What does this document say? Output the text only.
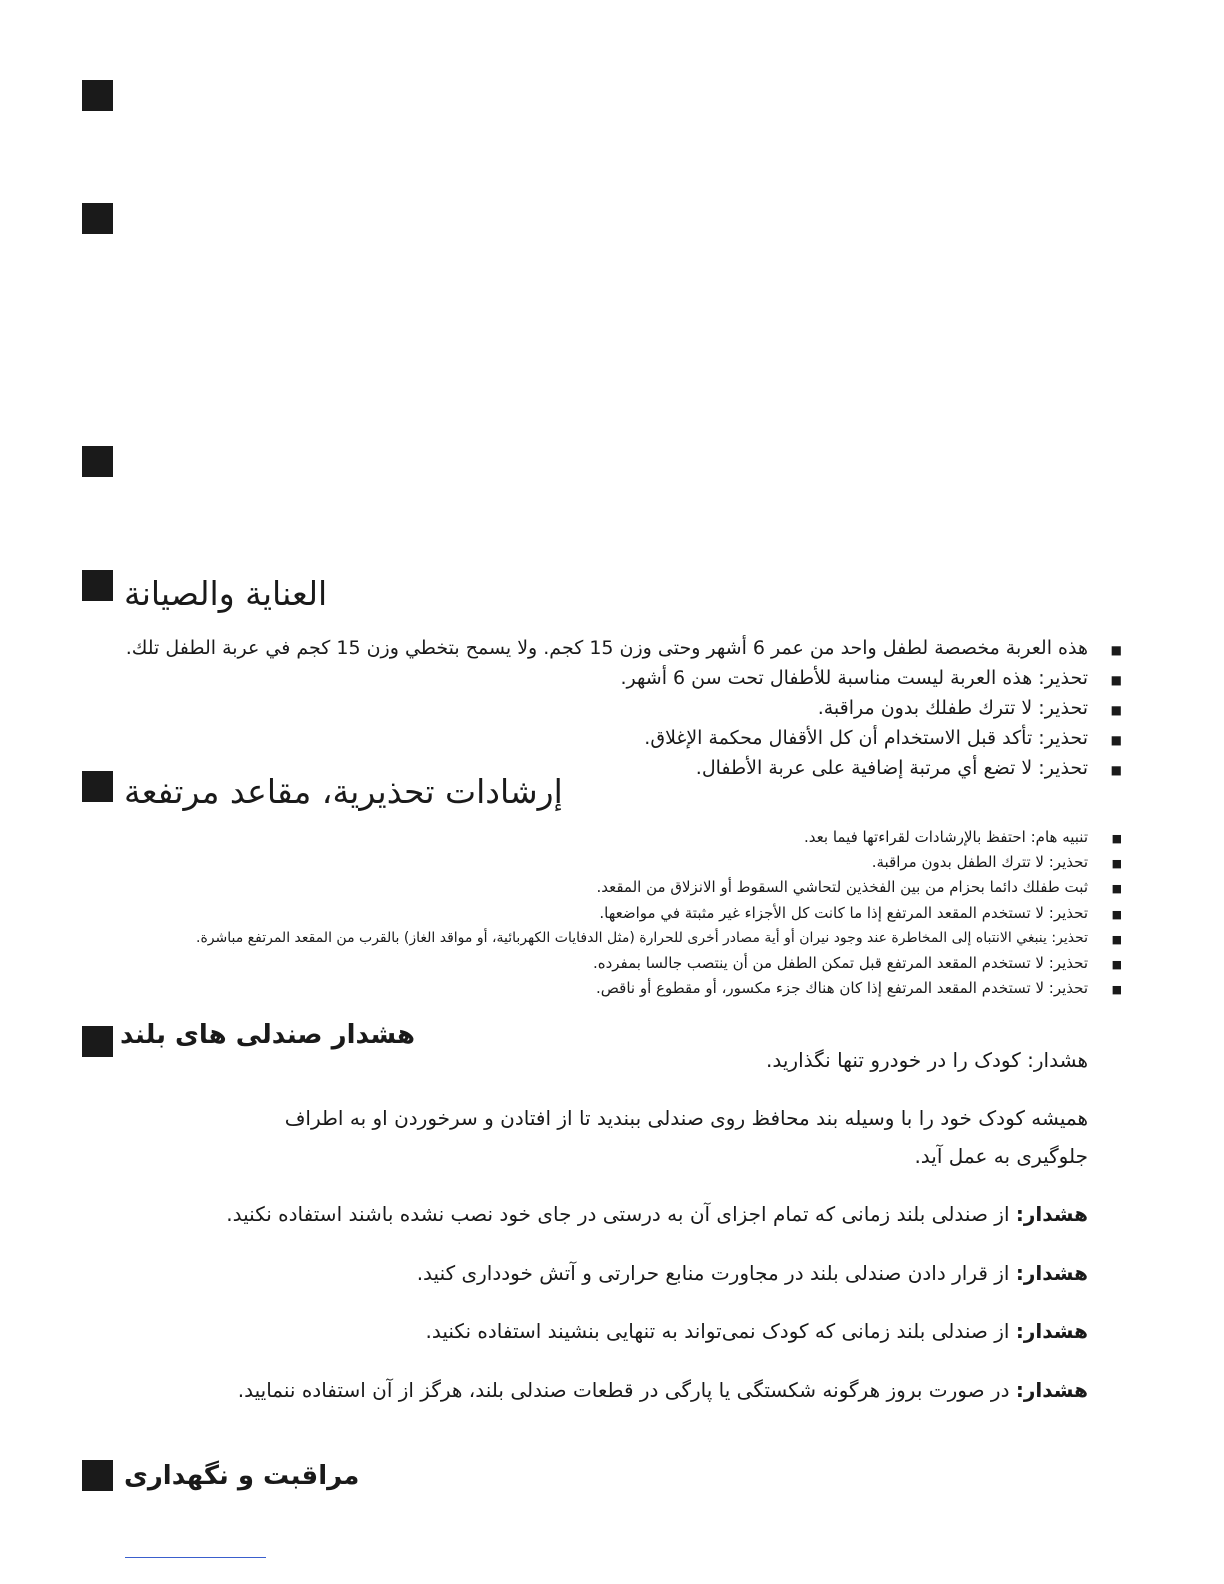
العناية والصيانة
■
هذه العربة مخصصة لطفل واحد من عمر 6 أشهر وحتى وزن 15 كجم. ولا يسمح بتخطي وزن 15 كجم في عربة الطفل تلك.
■
تحذير: هذه العربة ليست مناسبة للأطفال تحت سن 6 أشهر.
■
تحذير: لا تترك طفلك بدون مراقبة.
■
تحذير: تأكد قبل الاستخدام أن كل الأقفال محكمة الإغلاق.
■
تحذير: لا تضع أي مرتبة إضافية على عربة الأطفال.
إرشادات تحذيرية، مقاعد مرتفعة
■
تنبيه هام: احتفظ بالإرشادات لقراءتها فيما بعد.
■
تحذير: لا تترك الطفل بدون مراقبة.
■
ثبت طفلك دائما بحزام من بين الفخذين لتحاشي السقوط أو الانزلاق من المقعد.
■
تحذير: لا تستخدم المقعد المرتفع إذا ما كانت كل الأجزاء غير مثبتة في مواضعها.
■
تحذير: ينبغي الانتباه إلى المخاطرة عند وجود نيران أو أية مصادر أخرى للحرارة (مثل الدفايات الكهربائية، أو مواقد الغاز) بالقرب من المقعد المرتفع مباشرة.
■
تحذير: لا تستخدم المقعد المرتفع قبل تمكن الطفل من أن ينتصب جالسا بمفرده.
■
تحذير: لا تستخدم المقعد المرتفع إذا كان هناك جزء مكسور، أو مقطوع أو ناقص.
هشدار صندلی های بلند
هشدار: کودک را در خودرو تنها نگذارید.
همیشه کودک خود را با وسیله بند محافظ روی صندلی ببندید تا از افتادن و سرخوردن او به اطراف
جلوگیری به عمل آید.
هشدار: از صندلی بلند زمانی که تمام اجزای آن به درستی در جای خود نصب نشده باشند استفاده نکنید.
هشدار: از قرار دادن صندلی بلند در مجاورت منابع حرارتی و آتش خودداری کنید.
هشدار: از صندلی بلند زمانی که کودک نمی‌تواند به تنهایی بنشیند استفاده نکنید.
هشدار: در صورت بروز هرگونه شکستگی یا پارگی در قطعات صندلی بلند، هرگز از آن استفاده ننمایید.
مراقبت و نگهداری
